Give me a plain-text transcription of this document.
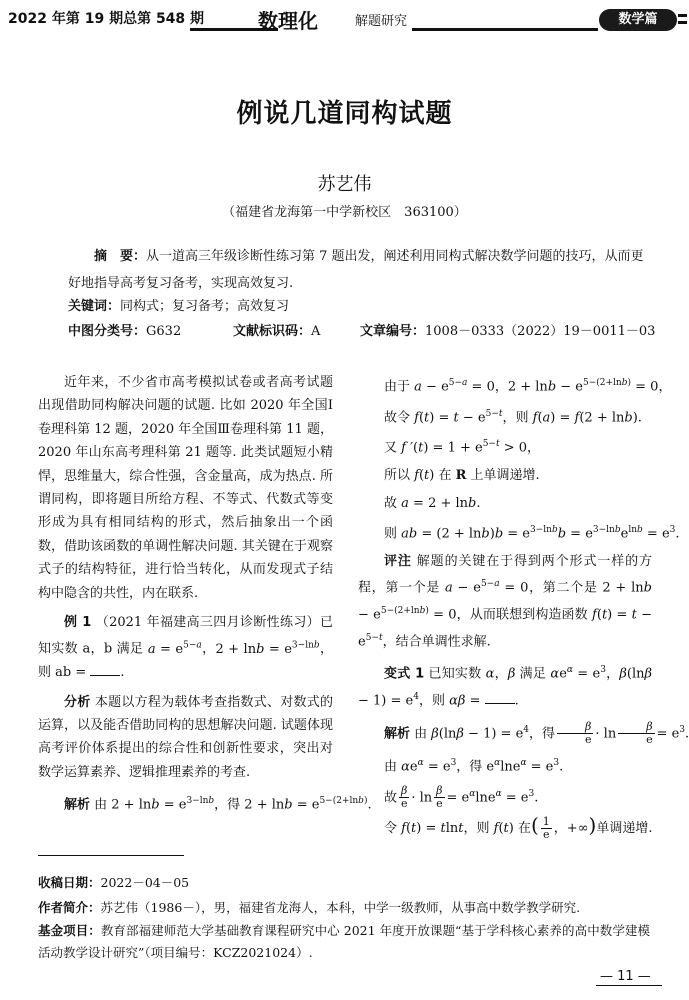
2022 年第 19 期总第 548 期	数理化	解题研究	数学篇
例说几道同构试题
苏艺伟
（福建省龙海第一中学新校区　363100）
摘　要：从一道高三年级诊断性练习第 7 题出发，阐述利用同构式解决数学问题的技巧，从而更好地指导高考复习备考，实现高效复习.
关键词：同构式；复习备考；高效复习
中图分类号：G632	文献标识码：A	文章编号：1008－0333（2022）19－0011－03

近年来，不少省市高考模拟试卷或者高考试题出现借助同构解决问题的试题. 比如 2020 年全国Ⅰ卷理科第 12 题，2020 年全国Ⅲ卷理科第 11 题，2020 年山东高考理科第 21 题等. 此类试题短小精悍，思维量大，综合性强，含金量高，成为热点. 所谓同构，即将题目所给方程、不等式、代数式等变形成为具有相同结构的形式，然后抽象出一个函数，借助该函数的单调性解决问题. 其关键在于观察式子的结构特征，进行恰当转化，从而发现式子结构中隐含的共性，内在联系.

例 1 （2021 年福建高三四月诊断性练习）已知实数 a，b 满足 $a = e^{5-a}$，$2 + \ln b = e^{3-lnb}$，则 ab =	.

分析 本题以方程为载体考查指数式、对数式的运算，以及能否借助同构的思想解决问题. 试题体现高考评价体系提出的综合性和创新性要求，突出对数学运算素养、逻辑推理素养的考查.

解析 由 $2 + \ln b = e^{3-lnb}$，得 $2 + \ln b = e^{5-(2+lnb)}$.

由于 $a - e^{5-a} = 0$，$2 + \ln b - e^{5-(2+lnb)} = 0$，

故令 $f(t) = t - e^{5-t}$，则 f(a) = f(2 + lnb).

又 f $'(t) = 1 + e^{5-t} > 0$，

所以 f(t) 在 R 上单调递增.

故 a = 2 + lnb.

则 ab = $(2 + \ln b)b = e^{3-lnb}b = e^{3-lnb}e^{lnb} = e^3$.

评注 解题的关键在于得到两个形式一样的方程，第一个是 $a - e^{5-a} = 0$，第二个是 $2 + \ln b - e^{5-(2+lnb)} = 0$，从而联想到构造函数 $f(t) = t - e^{5-t}$，结合单调性求解.

变式 1 已知实数 α，β 满足 $\alpha e^\alpha = e^3$，$\beta(\ln\beta - 1) = e^4$，则 αβ = .

解析 由 $\beta(\ln\beta - 1) = e^4$，得 $\frac{\beta}{e} \cdot \ln \frac{\beta}{e} = e^3$.

由 $\alpha e^\alpha = e^3$，得 $e^\alpha\ln e^\alpha = e^3$.

故 $\frac{\beta}{e} \cdot \ln \frac{\beta}{e} = e^\alpha\ln e^\alpha = e^3$.

令 f(t) = tlnt，则 f(t) 在( $\frac{1}{e}$ ，+∞)单调递增.

收稿日期：2022－04－05
作者简介：苏艺伟（1986－），男，福建省龙海人，本科，中学一级教师，从事高中数学教学研究.
基金项目：教育部福建师范大学基础教育课程研究中心 2021 年度开放课题“基于学科核心素养的高中数学建模活动教学设计研究”（项目编号：KCZ2021024）.
— 11 —
